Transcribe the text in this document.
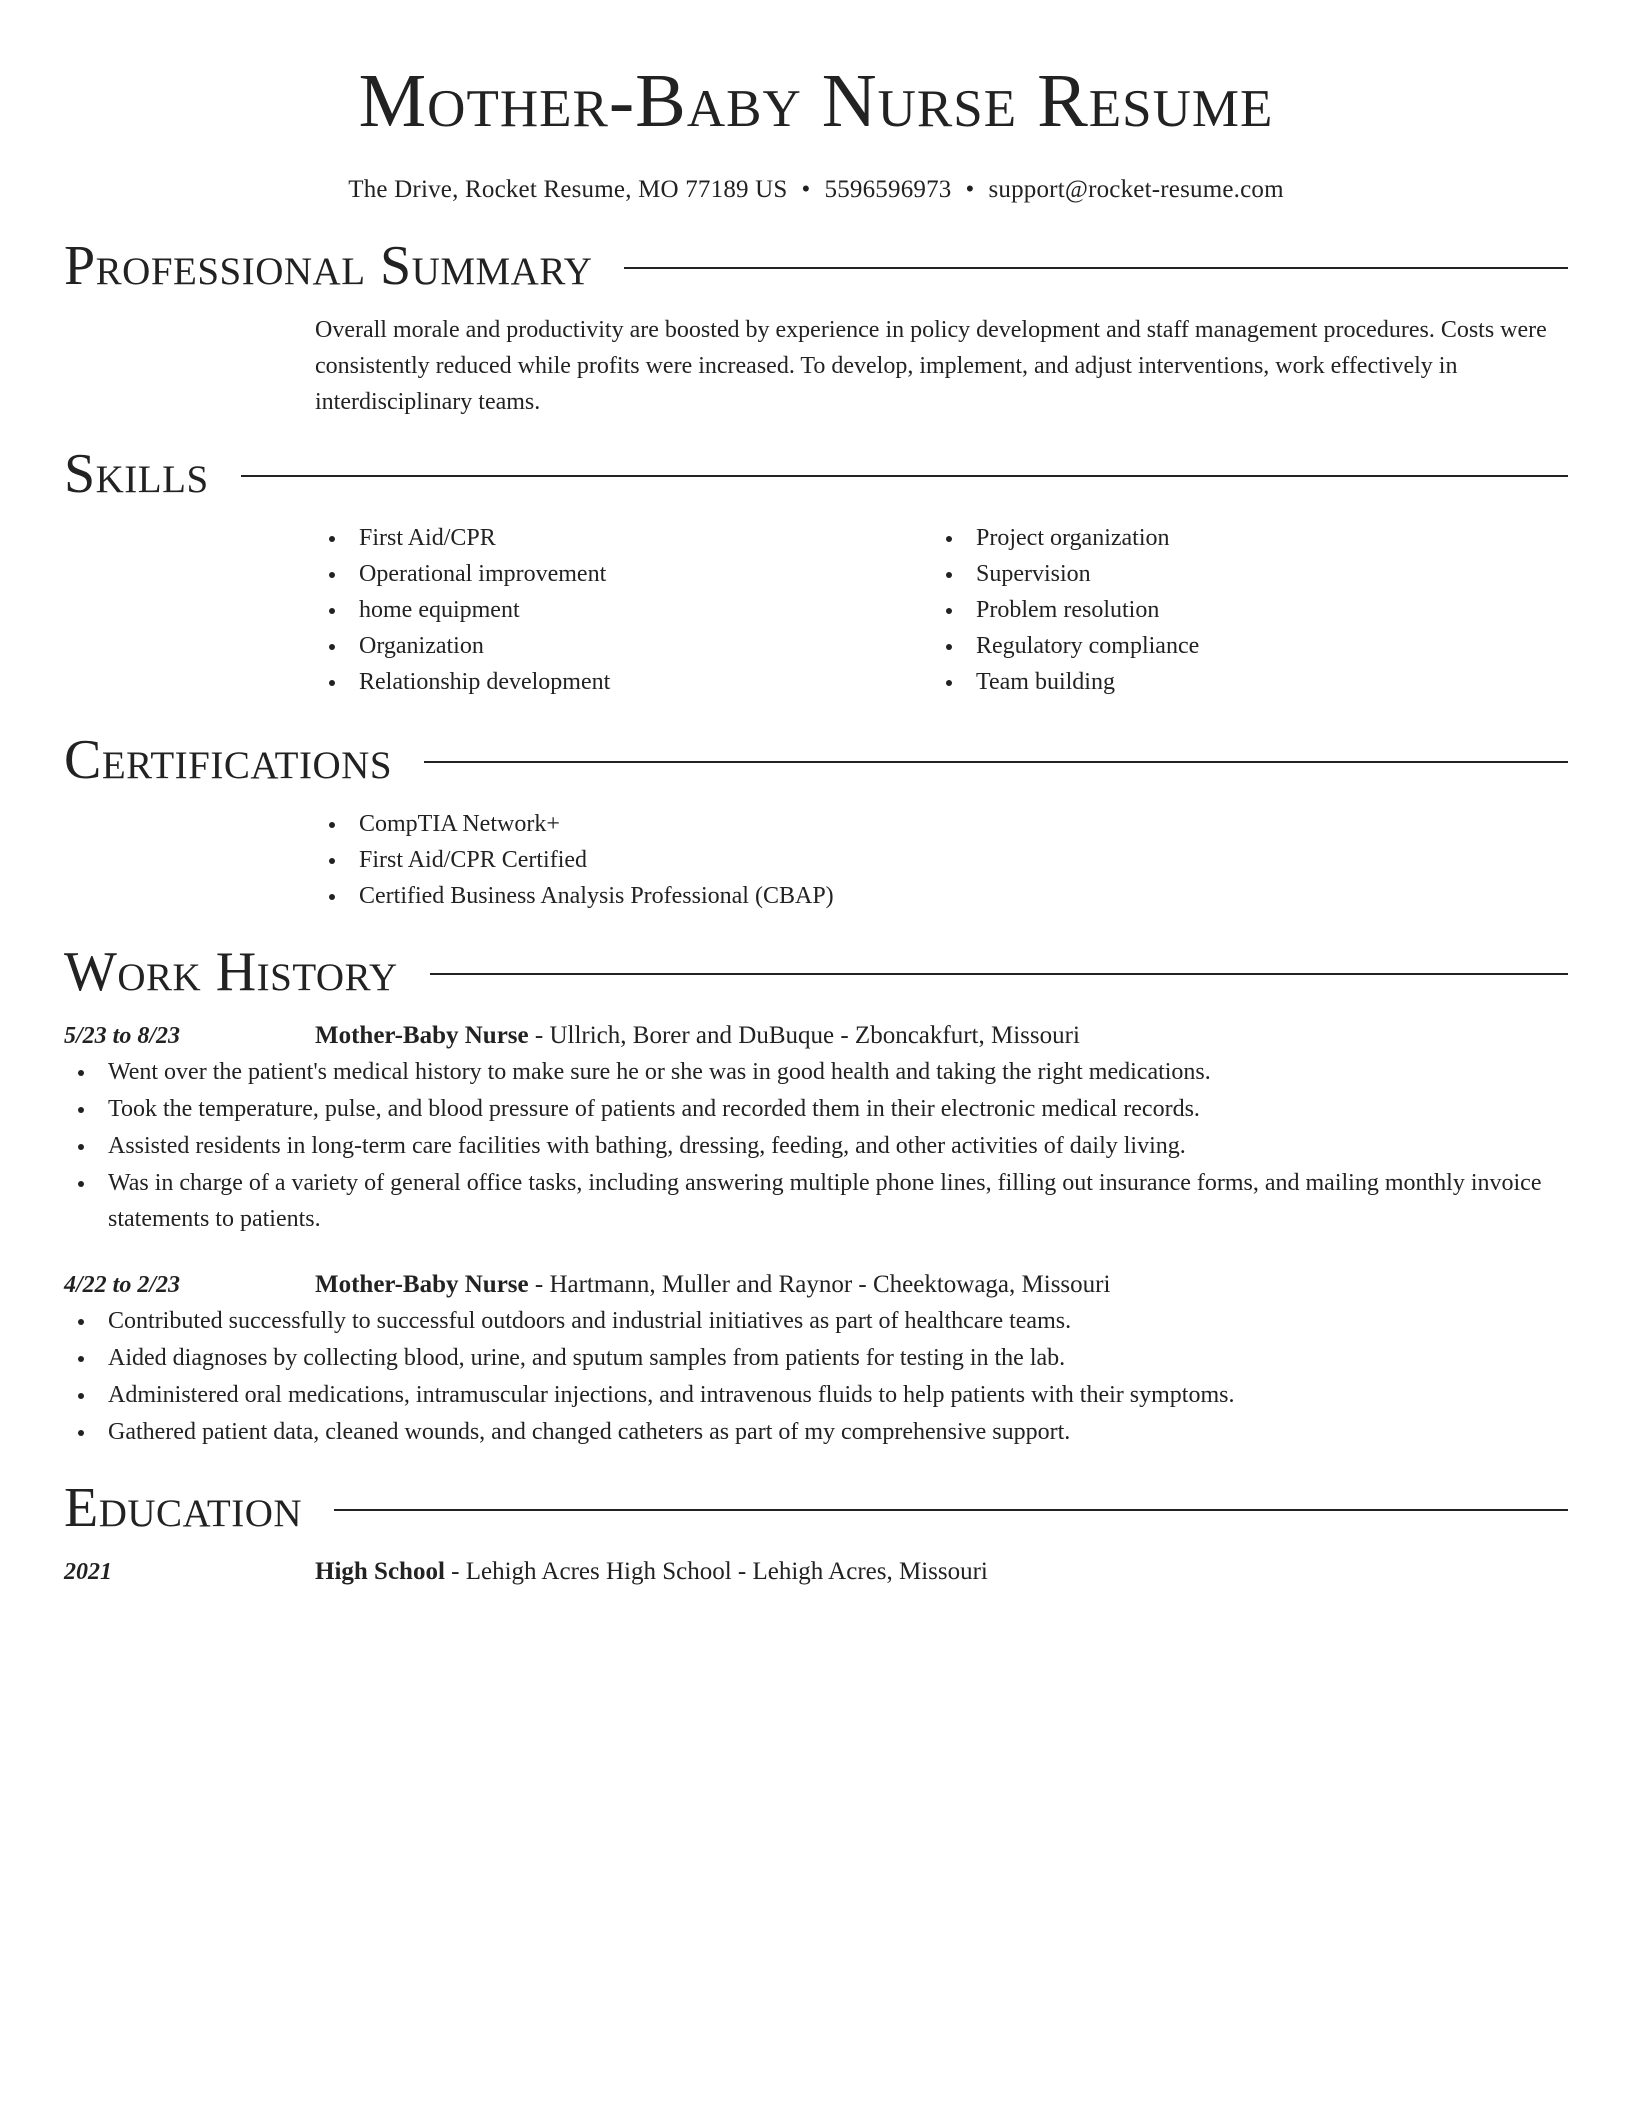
Mother-Baby Nurse Resume
The Drive, Rocket Resume, MO 77189 US • 5596596973 • support@rocket-resume.com
Professional Summary

Overall morale and productivity are boosted by experience in policy development and staff management procedures. Costs were consistently reduced while profits were increased. To develop, implement, and adjust interventions, work effectively in interdisciplinary teams.

Skills
First Aid/CPR
Operational improvement
home equipment
Organization
Relationship development
Project organization
Supervision
Problem resolution
Regulatory compliance
Team building
Certifications
CompTIA Network+
First Aid/CPR Certified
Certified Business Analysis Professional (CBAP)
Work History
5/23 to 8/23	Mother-Baby Nurse - Ullrich, Borer and DuBuque - Zboncakfurt, Missouri
Went over the patient's medical history to make sure he or she was in good health and taking the right medications.
Took the temperature, pulse, and blood pressure of patients and recorded them in their electronic medical records.
Assisted residents in long-term care facilities with bathing, dressing, feeding, and other activities of daily living.
Was in charge of a variety of general office tasks, including answering multiple phone lines, filling out insurance forms, and mailing monthly invoice statements to patients.
4/22 to 2/23	Mother-Baby Nurse - Hartmann, Muller and Raynor - Cheektowaga, Missouri
Contributed successfully to successful outdoors and industrial initiatives as part of healthcare teams.
Aided diagnoses by collecting blood, urine, and sputum samples from patients for testing in the lab.
Administered oral medications, intramuscular injections, and intravenous fluids to help patients with their symptoms.
Gathered patient data, cleaned wounds, and changed catheters as part of my comprehensive support.
Education
2021	High School - Lehigh Acres High School - Lehigh Acres, Missouri
